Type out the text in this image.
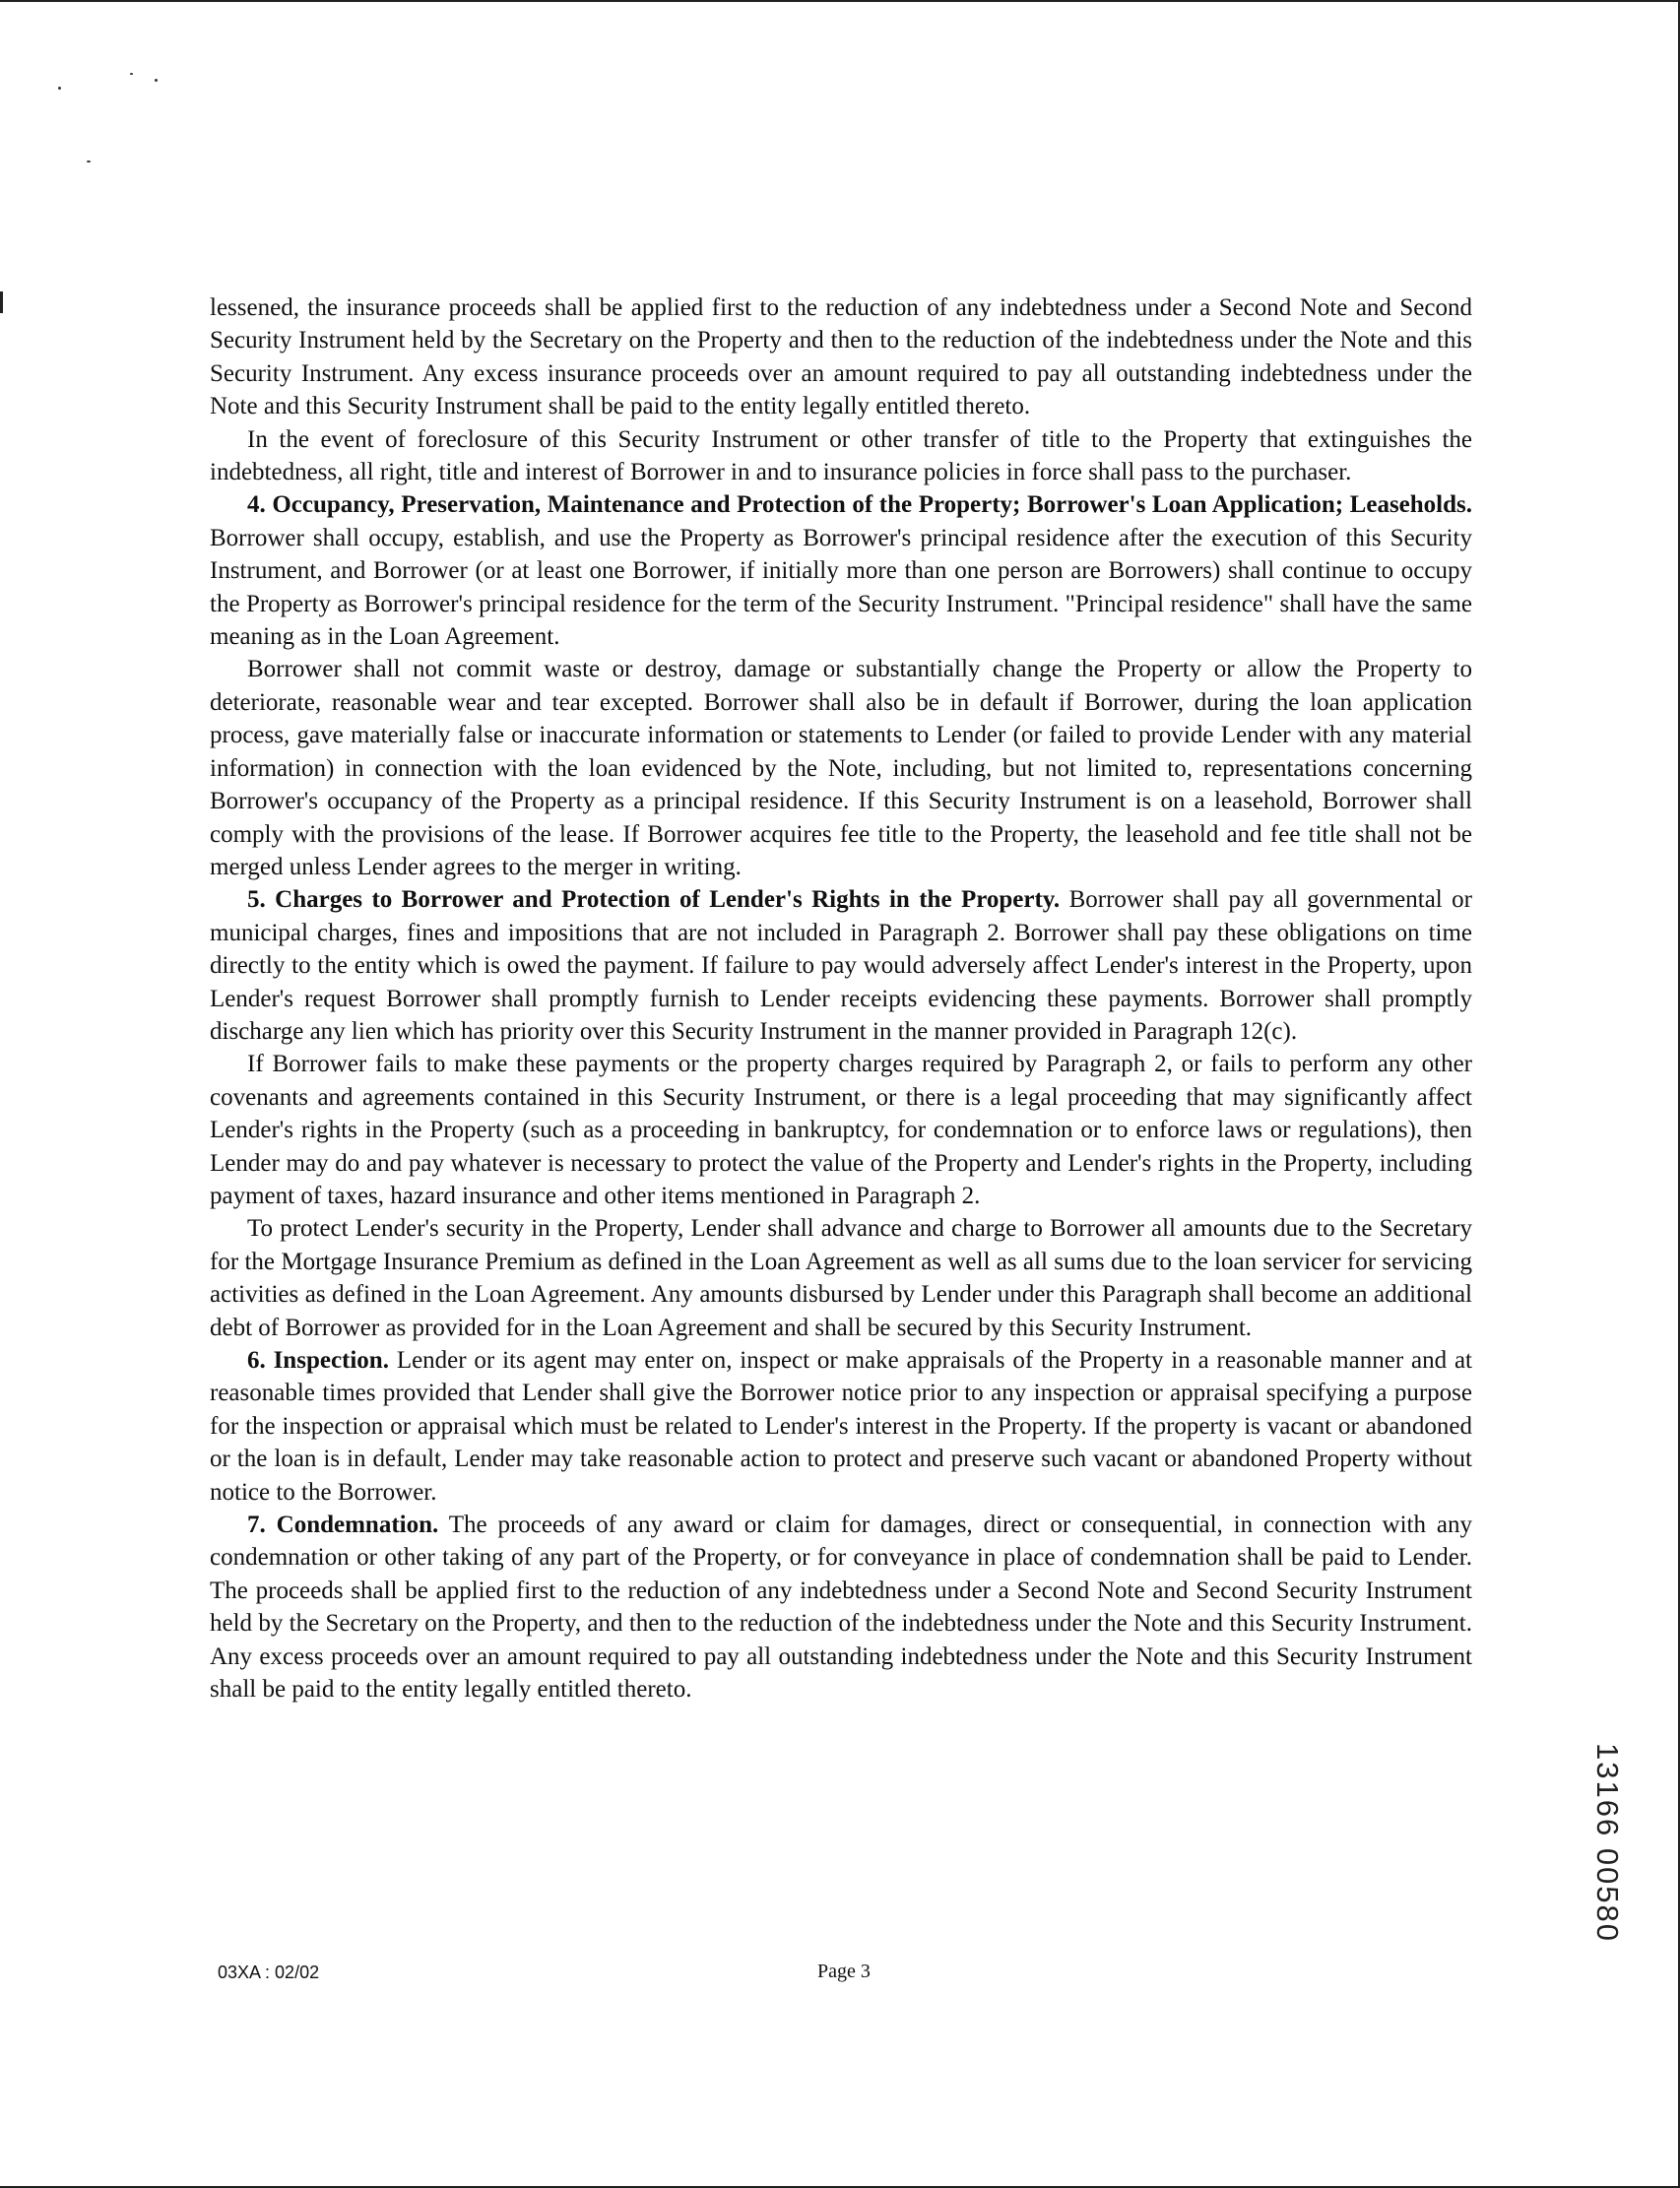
lessened, the insurance proceeds shall be applied first to the reduction of any indebtedness under a Second Note and Second Security Instrument held by the Secretary on the Property and then to the reduction of the indebtedness under the Note and this Security Instrument. Any excess insurance proceeds over an amount required to pay all outstanding indebtedness under the Note and this Security Instrument shall be paid to the entity legally entitled thereto.

In the event of foreclosure of this Security Instrument or other transfer of title to the Property that extinguishes the indebtedness, all right, title and interest of Borrower in and to insurance policies in force shall pass to the purchaser.

4. Occupancy, Preservation, Maintenance and Protection of the Property; Borrower's Loan Application; Leaseholds. Borrower shall occupy, establish, and use the Property as Borrower's principal residence after the execution of this Security Instrument, and Borrower (or at least one Borrower, if initially more than one person are Borrowers) shall continue to occupy the Property as Borrower's principal residence for the term of the Security Instrument. "Principal residence" shall have the same meaning as in the Loan Agreement.

Borrower shall not commit waste or destroy, damage or substantially change the Property or allow the Property to deteriorate, reasonable wear and tear excepted. Borrower shall also be in default if Borrower, during the loan application process, gave materially false or inaccurate information or statements to Lender (or failed to provide Lender with any material information) in connection with the loan evidenced by the Note, including, but not limited to, representations concerning Borrower's occupancy of the Property as a principal residence. If this Security Instrument is on a leasehold, Borrower shall comply with the provisions of the lease. If Borrower acquires fee title to the Property, the leasehold and fee title shall not be merged unless Lender agrees to the merger in writing.

5. Charges to Borrower and Protection of Lender's Rights in the Property. Borrower shall pay all governmental or municipal charges, fines and impositions that are not included in Paragraph 2. Borrower shall pay these obligations on time directly to the entity which is owed the payment. If failure to pay would adversely affect Lender's interest in the Property, upon Lender's request Borrower shall promptly furnish to Lender receipts evidencing these payments. Borrower shall promptly discharge any lien which has priority over this Security Instrument in the manner provided in Paragraph 12(c).

If Borrower fails to make these payments or the property charges required by Paragraph 2, or fails to perform any other covenants and agreements contained in this Security Instrument, or there is a legal proceeding that may significantly affect Lender's rights in the Property (such as a proceeding in bankruptcy, for condemnation or to enforce laws or regulations), then Lender may do and pay whatever is necessary to protect the value of the Property and Lender's rights in the Property, including payment of taxes, hazard insurance and other items mentioned in Paragraph 2.

To protect Lender's security in the Property, Lender shall advance and charge to Borrower all amounts due to the Secretary for the Mortgage Insurance Premium as defined in the Loan Agreement as well as all sums due to the loan servicer for servicing activities as defined in the Loan Agreement. Any amounts disbursed by Lender under this Paragraph shall become an additional debt of Borrower as provided for in the Loan Agreement and shall be secured by this Security Instrument.

6. Inspection. Lender or its agent may enter on, inspect or make appraisals of the Property in a reasonable manner and at reasonable times provided that Lender shall give the Borrower notice prior to any inspection or appraisal specifying a purpose for the inspection or appraisal which must be related to Lender's interest in the Property. If the property is vacant or abandoned or the loan is in default, Lender may take reasonable action to protect and preserve such vacant or abandoned Property without notice to the Borrower.

7. Condemnation. The proceeds of any award or claim for damages, direct or consequential, in connection with any condemnation or other taking of any part of the Property, or for conveyance in place of condemnation shall be paid to Lender. The proceeds shall be applied first to the reduction of any indebtedness under a Second Note and Second Security Instrument held by the Secretary on the Property, and then to the reduction of the indebtedness under the Note and this Security Instrument. Any excess proceeds over an amount required to pay all outstanding indebtedness under the Note and this Security Instrument shall be paid to the entity legally entitled thereto.

03XA : 02/02	Page 3
13166 00580
